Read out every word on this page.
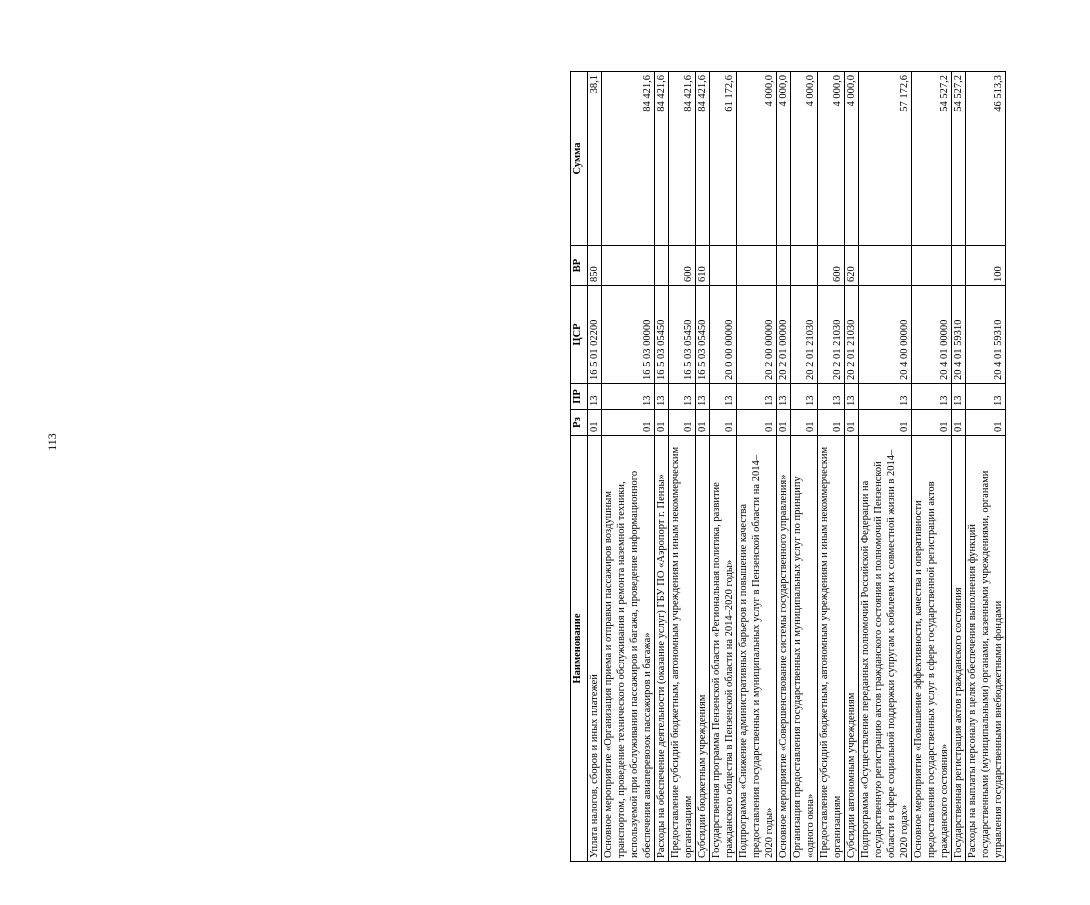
113
Наименование	Рз	ПР	ЦСР	ВР	Сумма
Уплата налогов, сборов и иных платежей	01	13	16 5 01 02200	850	38,1
Основное мероприятие «Организация приема и отправки пассажиров воздушным транспортом, проведение технического обслуживания и ремонта наземной техники, используемой при обслуживании пассажиров и багажа, проведение информационного обеспечения авиаперевозок пассажиров и багажа»	01	13	16 5 03 00000		84 421,6
Расходы на обеспечение деятельности (оказание услуг) ГБУ ПО «Аэропорт г. Пензы»	01	13	16 5 03 05450		84 421,6
Предоставление субсидий бюджетным, автономным учреждениям и иным некоммерческим организациям	01	13	16 5 03 05450	600	84 421,6
Субсидии бюджетным учреждениям	01	13	16 5 03 05450	610	84 421,6
Государственная программа Пензенской области «Региональная политика, развитие гражданского общества в Пензенской области на 2014–2020 годы»	01	13	20 0 00 00000		61 172,6
Подпрограмма «Снижение административных барьеров и повышение качества предоставления государственных и муниципальных услуг в Пензенской области на 2014–2020 годы»	01	13	20 2 00 00000		4 000,0
Основное мероприятие «Совершенствование системы государственного управления»	01	13	20 2 01 00000		4 000,0
Организация предоставления государственных и муниципальных услуг по принципу «одного окна»	01	13	20 2 01 21030		4 000,0
Предоставление субсидий бюджетным, автономным учреждениям и иным некоммерческим организациям	01	13	20 2 01 21030	600	4 000,0
Субсидии автономным учреждениям	01	13	20 2 01 21030	620	4 000,0
Подпрограмма «Осуществление переданных полномочий Российской Федерации на государственную регистрацию актов гражданского состояния и полномочий Пензенской области в сфере социальной поддержки супругам к юбилеям их совместной жизни в 2014–2020 годах»	01	13	20 4 00 00000		57 172,6
Основное мероприятие «Повышение эффективности, качества и оперативности предоставления государственных услуг в сфере государственной регистрации актов гражданского состояния»	01	13	20 4 01 00000		54 527,2
Государственная регистрация актов гражданского состояния	01	13	20 4 01 59310		54 527,2
Расходы на выплаты персоналу в целях обеспечения выполнения функций государственными (муниципальными) органами, казенными учреждениями, органами управления государственными внебюджетными фондами	01	13	20 4 01 59310	100	46 513,3
